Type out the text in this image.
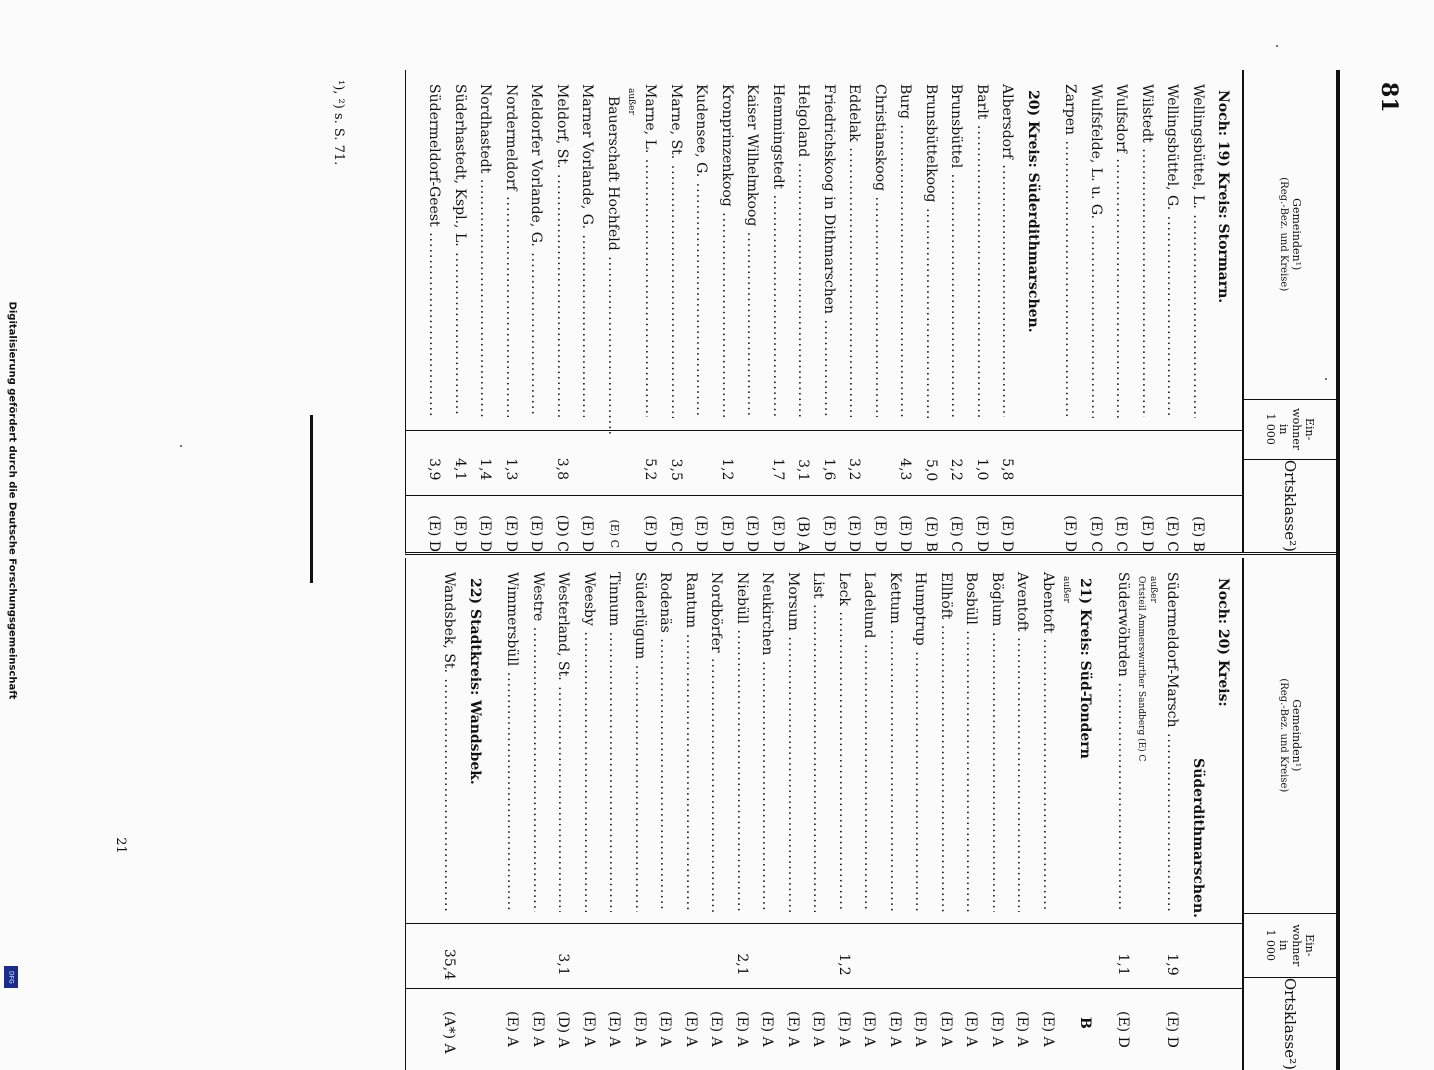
Digitalisierung gefördert durch die Deutsche Forschungsgemeinschaft
DFG
21
81
Gemeinden¹)
(Reg.-Bez. und Kreise)
Ein-
wohner
in
1 000
Ortsklasse²)
Noch: 19) Kreis: Stormarn.
Wellingsbüttel, L. .....
(E) B
Wellingsbüttel, G. .....
(E) C
Wilstedt .....
(E) D
Wulfsdorf .....
(E) C
Wulfsfelde, L. u. G. .....
(E) C
Zarpen .....
(E) D
20) Kreis: Süderdithmarschen.
Albersdorf .....
5,8
(E) D
Barlt .....
1,0
(E) D
Brunsbüttel .....
2,2
(E) C
Brunsbüttelkoog .....
5,0
(E) B
Burg .....
4,3
(E) D
Christianskoog .....
(E) D
Eddelak .....
3,2
(E) D
Friedrichskoog in Dithmarschen .....
1,6
(E) D
Helgoland .....
3,1
(B) A
Hemmingstedt .....
1,7
(E) D
Kaiser Wilhelmkoog .....
(E) D
Kronprinzenkoog .....
1,2
(E) D
Kudensee, G. .....
(E) D
Marne, St. .....
3,5
(E) C
Marne, L. .....
5,2
(E) D
außer
Bauerschaft Hochfeld .....
(E) C
Marner Vorlande, G. .....
(E) D
Meldorf, St. .....
3,8
(D) C
Meldorfer Vorlande, G. .....
(E) D
Nordermeldorf .....
1,3
(E) D
Nordhastedt .....
1,4
(E) D
Süderhastedt, Kspl., L. .....
4,1
(E) D
Südermeldorf-Geest .....
3,9
(E) D
Gemeinden¹)
(Reg.-Bez. und Kreise)
Ein-
wohner
in
1 000
Ortsklasse²)
Noch: 20) Kreis:
Süderdithmarschen.
Südermeldorf-Marsch .....
1,9
(E) D
außer
Ortsteil Ammerswurther Sandberg (E) C
Süderwöhrden .....
1,1
(E) D
21) Kreis: Süd-Tondern
B
außer
Abentoft .....
(E) A
Aventoft .....
(E) A
Böglum .....
(E) A
Bosbüll .....
(E) A
Ellhöft .....
(E) A
Humptrup .....
(E) A
Kettum .....
(E) A
Ladelund .....
(E) A
Leck .....
1,2
(E) A
List .....
(E) A
Morsum .....
(E) A
Neukirchen .....
(E) A
Niebüll .....
2,1
(E) A
Nordbörfer .....
(E) A
Rantum .....
(E) A
Rodenäs .....
(E) A
Süderlügum .....
(E) A
Tinnum .....
(E) A
Weesby .....
(E) A
Westerland, St. .....
3,1
(D) A
Westre .....
(E) A
Wimmersbüll .....
(E) A
22) Stadtkreis: Wandsbek.
Wandsbek, St. .....
35,4
(A*) A
¹), ²) s. S. 71.
